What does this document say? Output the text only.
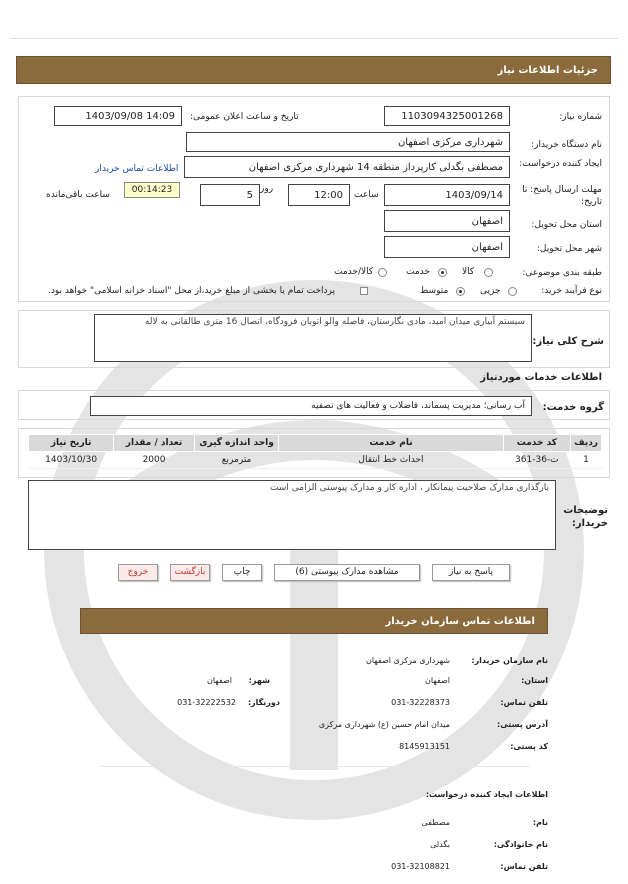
جزئیات اطلاعات نیاز
شماره نیاز:
1103094325001268
تاریخ و ساعت اعلان عمومی:
1403/09/08 14:09
نام دستگاه خریدار:
شهرداری مرکزی اصفهان
ایجاد کننده درخواست:
مصطفی بگدلی کارپرداز منطقه 14 شهرداری مرکزی اصفهان
اطلاعات تماس خریدار
مهلت ارسال پاسخ: تا تاریخ:
1403/09/14
ساعت
12:00
روز
5
00:14:23
ساعت باقی‌مانده
استان محل تحویل:
اصفهان
شهر محل تحویل:
اصفهان
طبقه بندی موضوعی:
کالا
خدمت
کالا/خدمت
نوع فرآیند خرید:
جزیی
متوسط
پرداخت تمام یا بخشی از مبلغ خرید،از محل "اسناد خزانه اسلامی" خواهد بود.
شرح کلی نیاز:
سیستم آبیاری میدان امید، مادی نگارستان، فاصله والو اتوبان فرودگاه، اتصال 16 متری طالقانی به لاله
اطلاعات خدمات موردنیاز
گروه خدمت:
آب رسانی؛ مدیریت پسماند، فاضلاب و فعالیت های تصفیه
ردیف	کد خدمت	نام خدمت	واحد اندازه گیری	تعداد / مقدار	تاریخ نیاز
1	ت-36-361	احداث خط انتقال	مترمربع	2000	1403/10/30
توضیحات خریدار:
بارگذاری مدارک صلاحیت پیمانکار ، اداره کار و مدارک پیوستی الزامی است
پاسخ به نیاز
مشاهده مدارک پیوستی (6)
چاپ
بازگشت
خروج
اطلاعات تماس سازمان خریدار
نام سازمان خریدار:
شهرداری مرکزی اصفهان
استان:
اصفهان
شهر:
اصفهان
تلفن تماس:
031-32228373
دورنگار:
031-32222532
آدرس پستی:
میدان امام حسین (ع) شهرداری مرکزی
کد پستی:
8145913151
اطلاعات ایجاد کننده درخواست:
نام:
مصطفی
نام خانوادگی:
بگدلی
تلفن تماس:
031-32108821
